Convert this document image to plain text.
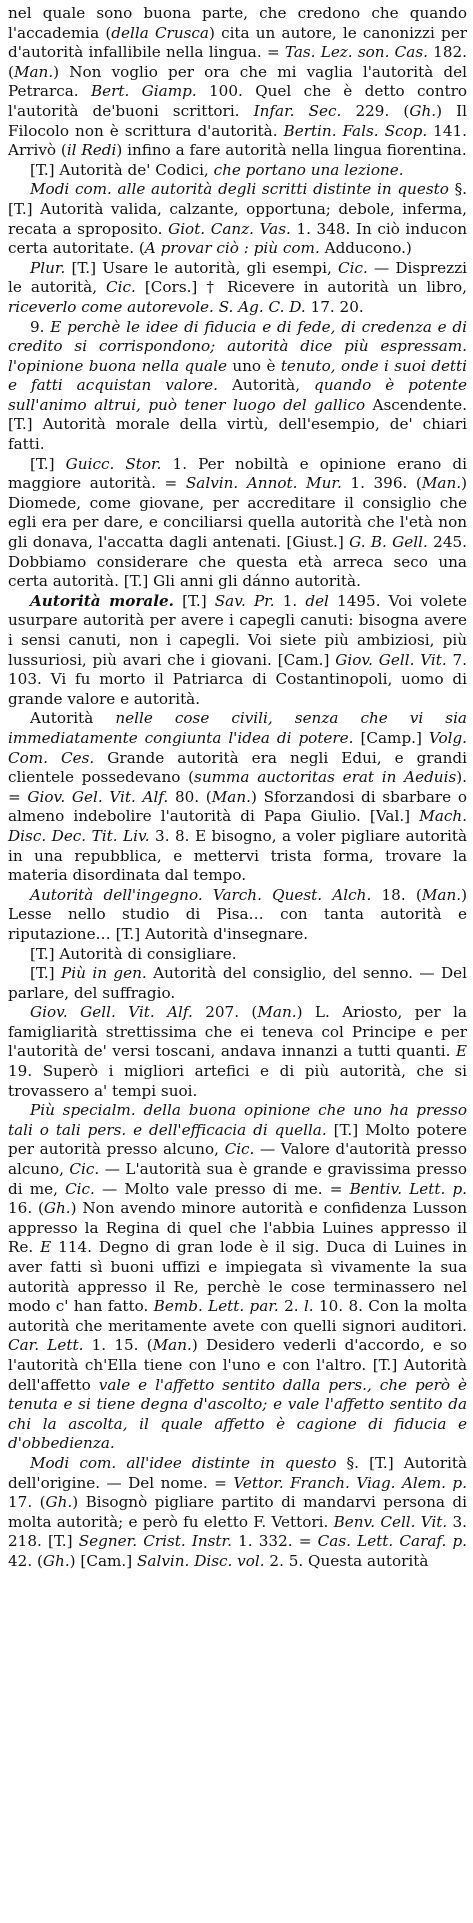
nel quale sono buona parte, che credono che quando l'accademia (della Crusca) cita un autore, le canonizzi per d'autorità infallibile nella lingua. = Tas. Lez. son. Cas. 182. (Man.) Non voglio per ora che mi vaglia l'autorità del Petrarca. Bert. Giamp. 100. Quel che è detto contro l'autorità de'buoni scrittori. Infar. Sec. 229. (Gh.) Il Filocolo non è scrittura d'autorità. Bertin. Fals. Scop. 141. Arrivò (il Redi) infino a fare autorità nella lingua fiorentina.

[T.] Autorità de' Codici, che portano una lezione.

Modi com. alle autorità degli scritti distinte in questo §. [T.] Autorità valida, calzante, opportuna; debole, inferma, recata a sproposito. Giot. Canz. Vas. 1. 348. In ciò inducon certa autoritate. (A provar ciò : più com. Adducono.)

Plur. [T.] Usare le autorità, gli esempi, Cic. — Disprezzi le autorità, Cic. [Cors.] † Ricevere in autorità un libro, riceverlo come autorevole. S. Ag. C. D. 17. 20.

9. E perchè le idee di fiducia e di fede, di credenza e di credito si corrispondono; autorità dice più espressam. l'opinione buona nella quale uno è tenuto, onde i suoi detti e fatti acquistan valore. Autorità, quando è potente sull'animo altrui, può tener luogo del gallico Ascendente. [T.] Autorità morale della virtù, dell'esempio, de' chiari fatti.

[T.] Guicc. Stor. 1. Per nobiltà e opinione erano di maggiore autorità. = Salvin. Annot. Mur. 1. 396. (Man.) Diomede, come giovane, per accreditare il consiglio che egli era per dare, e conciliarsi quella autorità che l'età non gli donava, l'accatta dagli antenati. [Giust.] G. B. Gell. 245. Dobbiamo considerare che questa età arreca seco una certa autorità. [T.] Gli anni gli dánno autorità.

Autorità morale. [T.] Sav. Pr. 1. del 1495. Voi volete usurpare autorità per avere i capegli canuti: bisogna avere i sensi canuti, non i capegli. Voi siete più ambiziosi, più lussuriosi, più avari che i giovani. [Cam.] Giov. Gell. Vit. 7. 103. Vi fu morto il Patriarca di Costantinopoli, uomo di grande valore e autorità.

Autorità nelle cose civili, senza che vi sia immediatamente congiunta l'idea di potere. [Camp.] Volg. Com. Ces. Grande autorità era negli Edui, e grandi clientele possedevano (summa auctoritas erat in Aeduis). = Giov. Gel. Vit. Alf. 80. (Man.) Sforzandosi di sbarbare o almeno indebolire l'autorità di Papa Giulio. [Val.] Mach. Disc. Dec. Tit. Liv. 3. 8. E bisogno, a voler pigliare autorità in una repubblica, e mettervi trista forma, trovare la materia disordinata dal tempo.

Autorità dell'ingegno. Varch. Quest. Alch. 18. (Man.) Lesse nello studio di Pisa… con tanta autorità e riputazione… [T.] Autorità d'insegnare.

[T.] Autorità di consigliare.

[T.] Più in gen. Autorità del consiglio, del senno. — Del parlare, del suffragio.

Giov. Gell. Vit. Alf. 207. (Man.) L. Ariosto, per la famigliarità strettissima che ei teneva col Principe e per l'autorità de' versi toscani, andava innanzi a tutti quanti. E 19. Superò i migliori artefici e di più autorità, che si trovassero a' tempi suoi.

Più specialm. della buona opinione che uno ha presso tali o tali pers. e dell'efficacia di quella. [T.] Molto potere per autorità presso alcuno, Cic. — Valore d'autorità presso alcuno, Cic. — L'autorità sua è grande e gravissima presso di me, Cic. — Molto vale presso di me. = Bentiv. Lett. p. 16. (Gh.) Non avendo minore autorità e confidenza Lusson appresso la Regina di quel che l'abbia Luines appresso il Re. E 114. Degno di gran lode è il sig. Duca di Luines in aver fatti sì buoni uffizi e impiegata sì vivamente la sua autorità appresso il Re, perchè le cose terminassero nel modo c' han fatto. Bemb. Lett. par. 2. l. 10. 8. Con la molta autorità che meritamente avete con quelli signori auditori. Car. Lett. 1. 15. (Man.) Desidero vederli d'accordo, e so l'autorità ch'Ella tiene con l'uno e con l'altro. [T.] Autorità dell'affetto vale e l'affetto sentito dalla pers., che però è tenuta e si tiene degna d'ascolto; e vale l'affetto sentito da chi la ascolta, il quale affetto è cagione di fiducia e d'obbedienza.

Modi com. all'idee distinte in questo §. [T.] Autorità dell'origine. — Del nome. = Vettor. Franch. Viag. Alem. p. 17. (Gh.) Bisognò pigliare partito di mandarvi persona di molta autorità; e però fu eletto F. Vettori. Benv. Cell. Vit. 3. 218. [T.] Segner. Crist. Instr. 1. 332. = Cas. Lett. Caraf. p. 42. (Gh.) [Cam.] Salvin. Disc. vol. 2. 5. Questa autorità
